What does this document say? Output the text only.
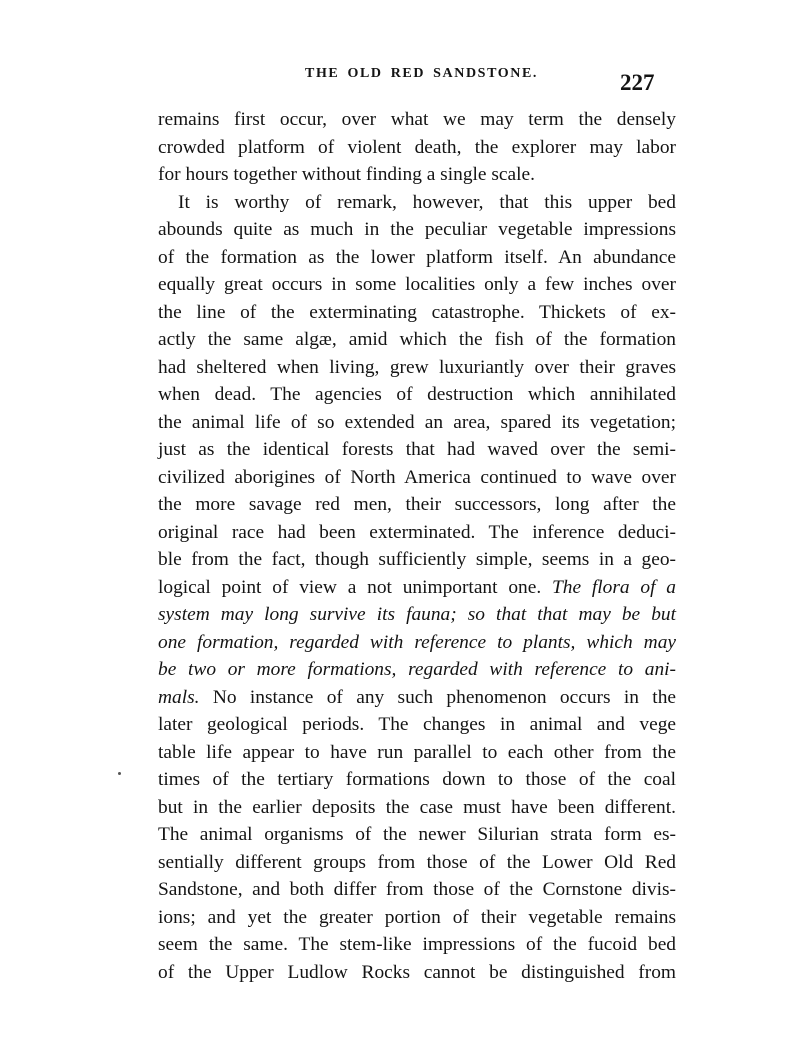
THE OLD RED SANDSTONE.	227
remains first occur, over what we may term the densely
crowded platform of violent death, the explorer may labor
for hours together without finding a single scale.
It is worthy of remark, however, that this upper bed
abounds quite as much in the peculiar vegetable impressions
of the formation as the lower platform itself. An abundance
equally great occurs in some localities only a few inches over
the line of the exterminating catastrophe. Thickets of ex-
actly the same algæ, amid which the fish of the formation
had sheltered when living, grew luxuriantly over their graves
when dead. The agencies of destruction which annihilated
the animal life of so extended an area, spared its vegetation;
just as the identical forests that had waved over the semi-
civilized aborigines of North America continued to wave over
the more savage red men, their successors, long after the
original race had been exterminated. The inference deduci-
ble from the fact, though sufficiently simple, seems in a geo-
logical point of view a not unimportant one. The flora of a
system may long survive its fauna; so that that may be but
one formation, regarded with reference to plants, which may
be two or more formations, regarded with reference to ani-
mals. No instance of any such phenomenon occurs in the
later geological periods. The changes in animal and vege
table life appear to have run parallel to each other from the
times of the tertiary formations down to those of the coal
but in the earlier deposits the case must have been different.
The animal organisms of the newer Silurian strata form es-
sentially different groups from those of the Lower Old Red
Sandstone, and both differ from those of the Cornstone divis-
ions; and yet the greater portion of their vegetable remains
seem the same. The stem-like impressions of the fucoid bed
of the Upper Ludlow Rocks cannot be distinguished from
